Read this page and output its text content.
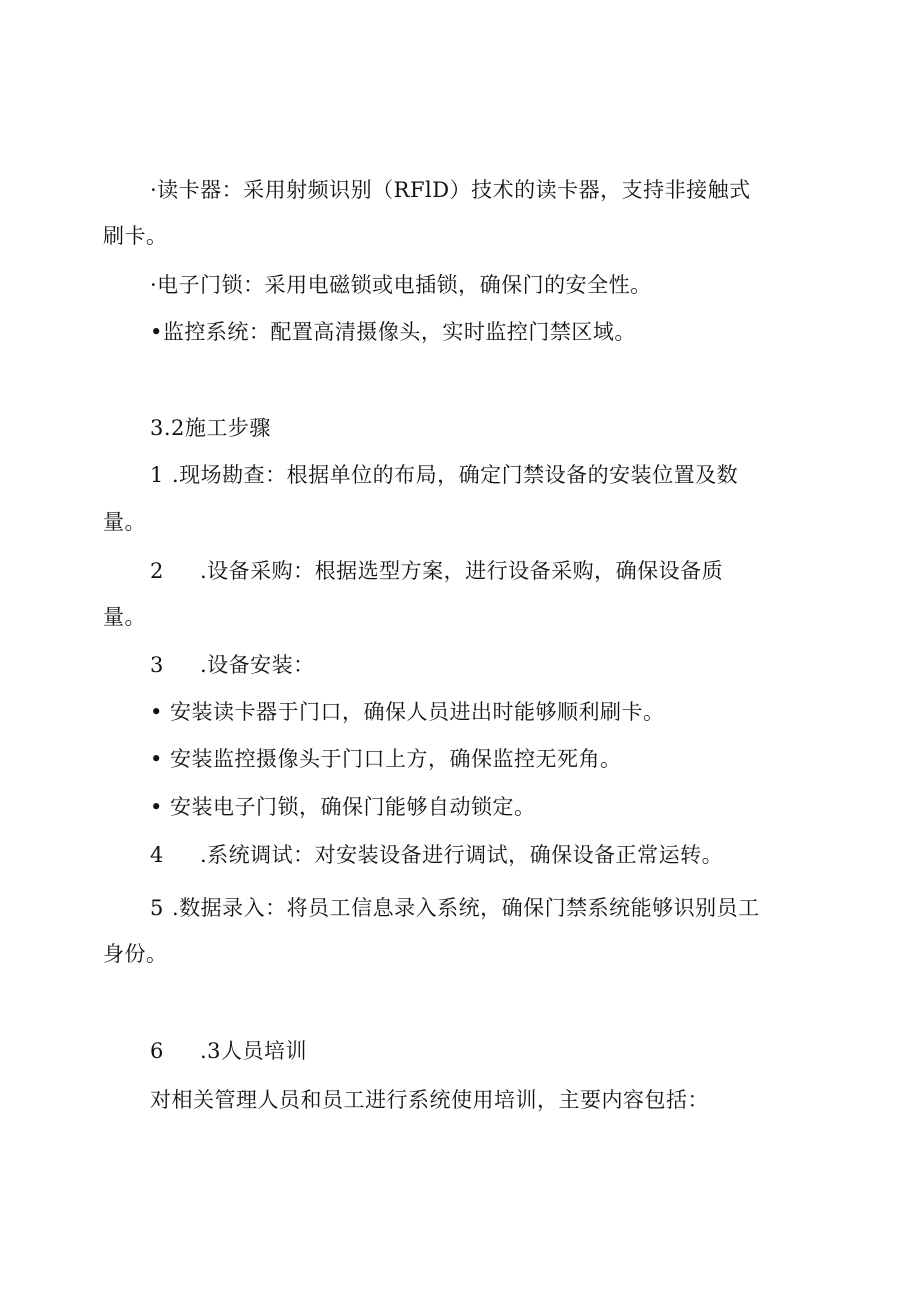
·读卡器：采用射频识别（RFlD）技术的读卡器，支持非接触式
刷卡。
·电子门锁：采用电磁锁或电插锁，确保门的安全性。
•监控系统：配置高清摄像头，实时监控门禁区域。
3.2施工步骤
1 .现场勘查：根据单位的布局，确定门禁设备的安装位置及数
量。
2 .设备采购：根据选型方案，进行设备采购，确保设备质
量。
3 .设备安装：
• 安装读卡器于门口，确保人员进出时能够顺利刷卡。
• 安装监控摄像头于门口上方，确保监控无死角。
• 安装电子门锁，确保门能够自动锁定。
4 .系统调试：对安装设备进行调试，确保设备正常运转。
5 .数据录入：将员工信息录入系统，确保门禁系统能够识别员工
身份。
6 .3人员培训
对相关管理人员和员工进行系统使用培训，主要内容包括：
